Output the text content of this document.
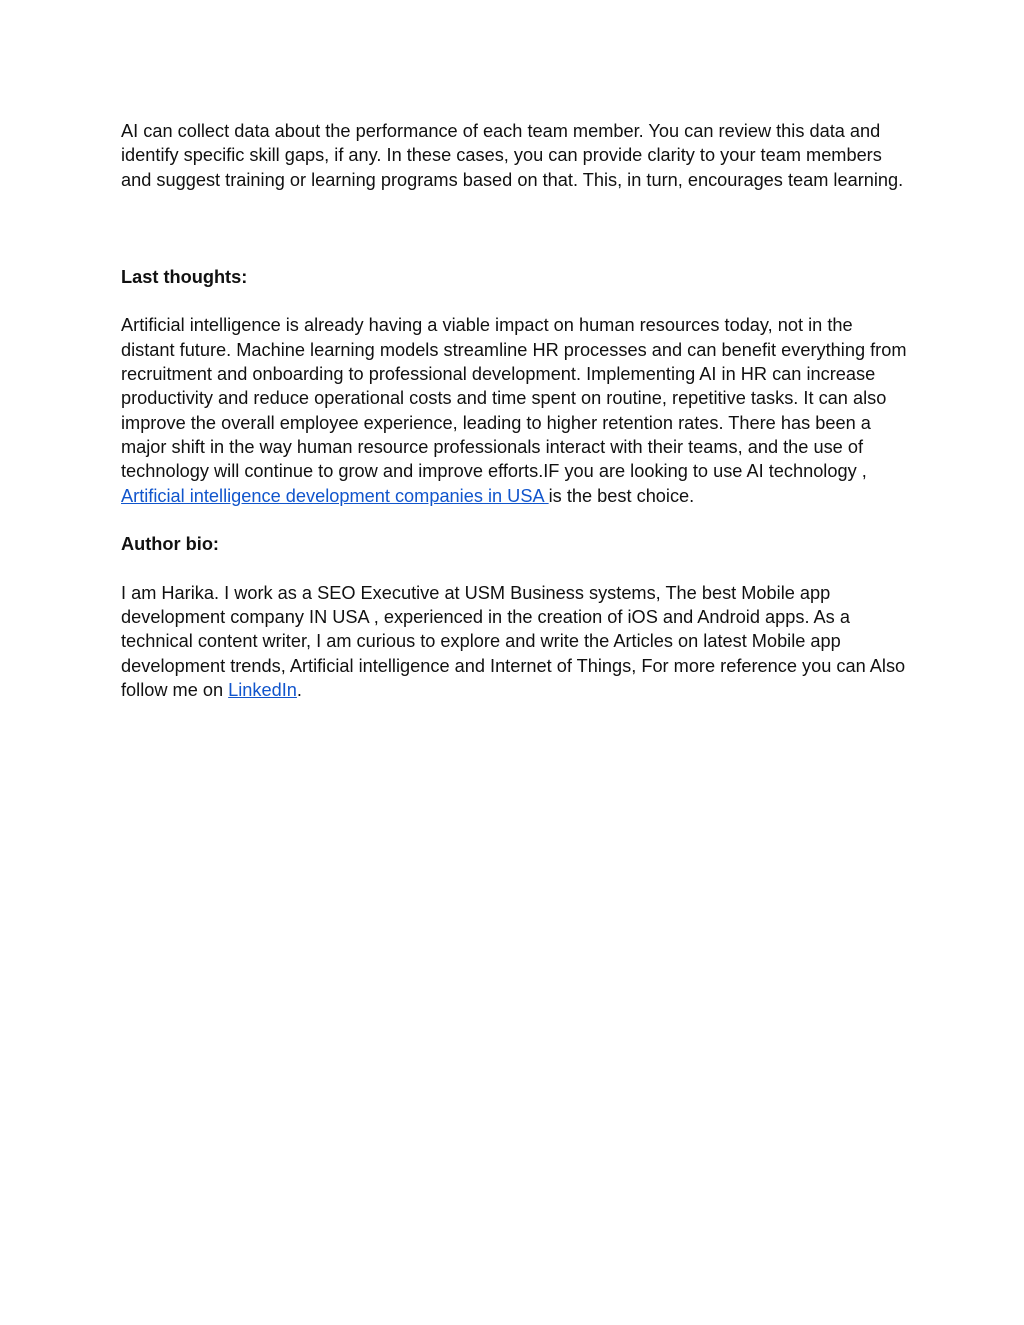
AI can collect data about the performance of each team member. You can review this data and identify specific skill gaps, if any. In these cases, you can provide clarity to your team members and suggest training or learning programs based on that. This, in turn, encourages team learning.

Last thoughts:

Artificial intelligence is already having a viable impact on human resources today, not in the distant future. Machine learning models streamline HR processes and can benefit everything from recruitment and onboarding to professional development. Implementing AI in HR can increase productivity and reduce operational costs and time spent on routine, repetitive tasks. It can also improve the overall employee experience, leading to higher retention rates. There has been a major shift in the way human resource professionals interact with their teams, and the use of technology will continue to grow and improve efforts.IF you are looking to use AI technology , Artificial intelligence development companies in USA is the best choice.

Author bio:

I am Harika. I work as a SEO Executive at USM Business systems, The best Mobile app development company IN USA , experienced in the creation of iOS and Android apps. As a technical content writer, I am curious to explore and write the Articles on latest Mobile app development trends, Artificial intelligence and Internet of Things, For more reference you can Also follow me on LinkedIn.
